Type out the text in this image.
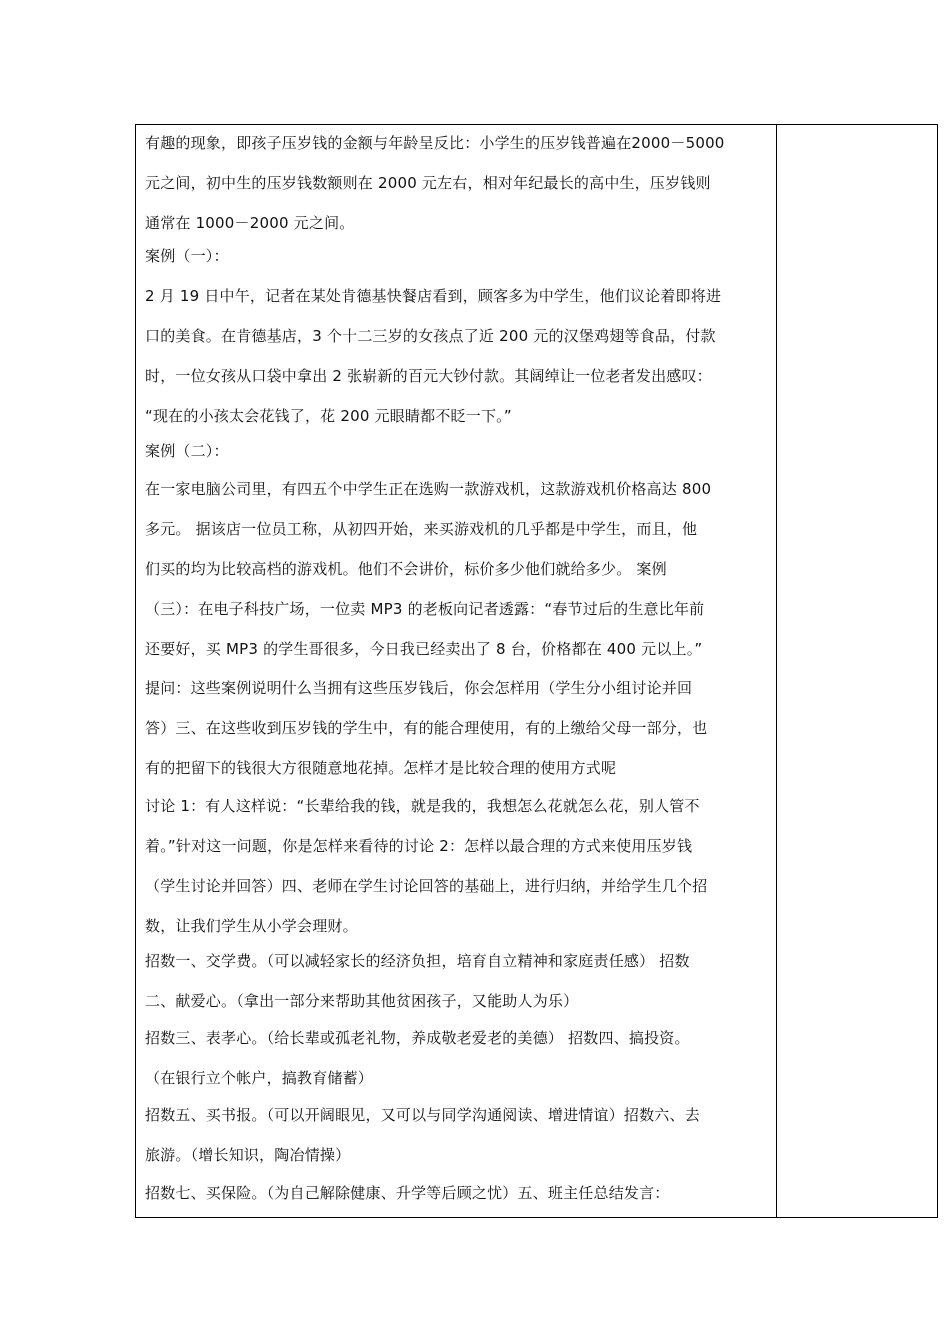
有趣的现象，即孩子压岁钱的金额与年龄呈反比：小学生的压岁钱普遍在2000－5000
元之间，初中生的压岁钱数额则在 2000 元左右，相对年纪最长的高中生，压岁钱则
通常在 1000－2000 元之间。
案例（一）：
2 月 19 日中午，记者在某处肯德基快餐店看到，顾客多为中学生，他们议论着即将进
口的美食。在肯德基店，3 个十二三岁的女孩点了近 200 元的汉堡鸡翅等食品，付款
时，一位女孩从口袋中拿出 2 张崭新的百元大钞付款。其阔绰让一位老者发出感叹：
“现在的小孩太会花钱了，花 200 元眼睛都不眨一下。”
案例（二）：
在一家电脑公司里，有四五个中学生正在选购一款游戏机，这款游戏机价格高达 800
多元。 据该店一位员工称，从初四开始，来买游戏机的几乎都是中学生，而且，他
们买的均为比较高档的游戏机。他们不会讲价，标价多少他们就给多少。 案例
（三）：在电子科技广场，一位卖 MP3 的老板向记者透露：“春节过后的生意比年前
还要好，买 MP3 的学生哥很多，今日我已经卖出了 8 台，价格都在 400 元以上。”
提问：这些案例说明什么当拥有这些压岁钱后，你会怎样用（学生分小组讨论并回
答）三、在这些收到压岁钱的学生中，有的能合理使用，有的上缴给父母一部分，也
有的把留下的钱很大方很随意地花掉。怎样才是比较合理的使用方式呢
讨论 1：有人这样说：“长辈给我的钱，就是我的，我想怎么花就怎么花，别人管不
着。”针对这一问题，你是怎样来看待的讨论 2：怎样以最合理的方式来使用压岁钱
（学生讨论并回答）四、老师在学生讨论回答的基础上，进行归纳，并给学生几个招
数，让我们学生从小学会理财。
招数一、交学费。（可以减轻家长的经济负担，培育自立精神和家庭责任感） 招数
二、献爱心。（拿出一部分来帮助其他贫困孩子，又能助人为乐）
招数三、表孝心。（给长辈或孤老礼物，养成敬老爱老的美德） 招数四、搞投资。
（在银行立个帐户，搞教育储蓄）
招数五、买书报。（可以开阔眼见，又可以与同学沟通阅读、增进情谊）招数六、去
旅游。（增长知识，陶冶情操）
招数七、买保险。（为自己解除健康、升学等后顾之忧）五、班主任总结发言：
